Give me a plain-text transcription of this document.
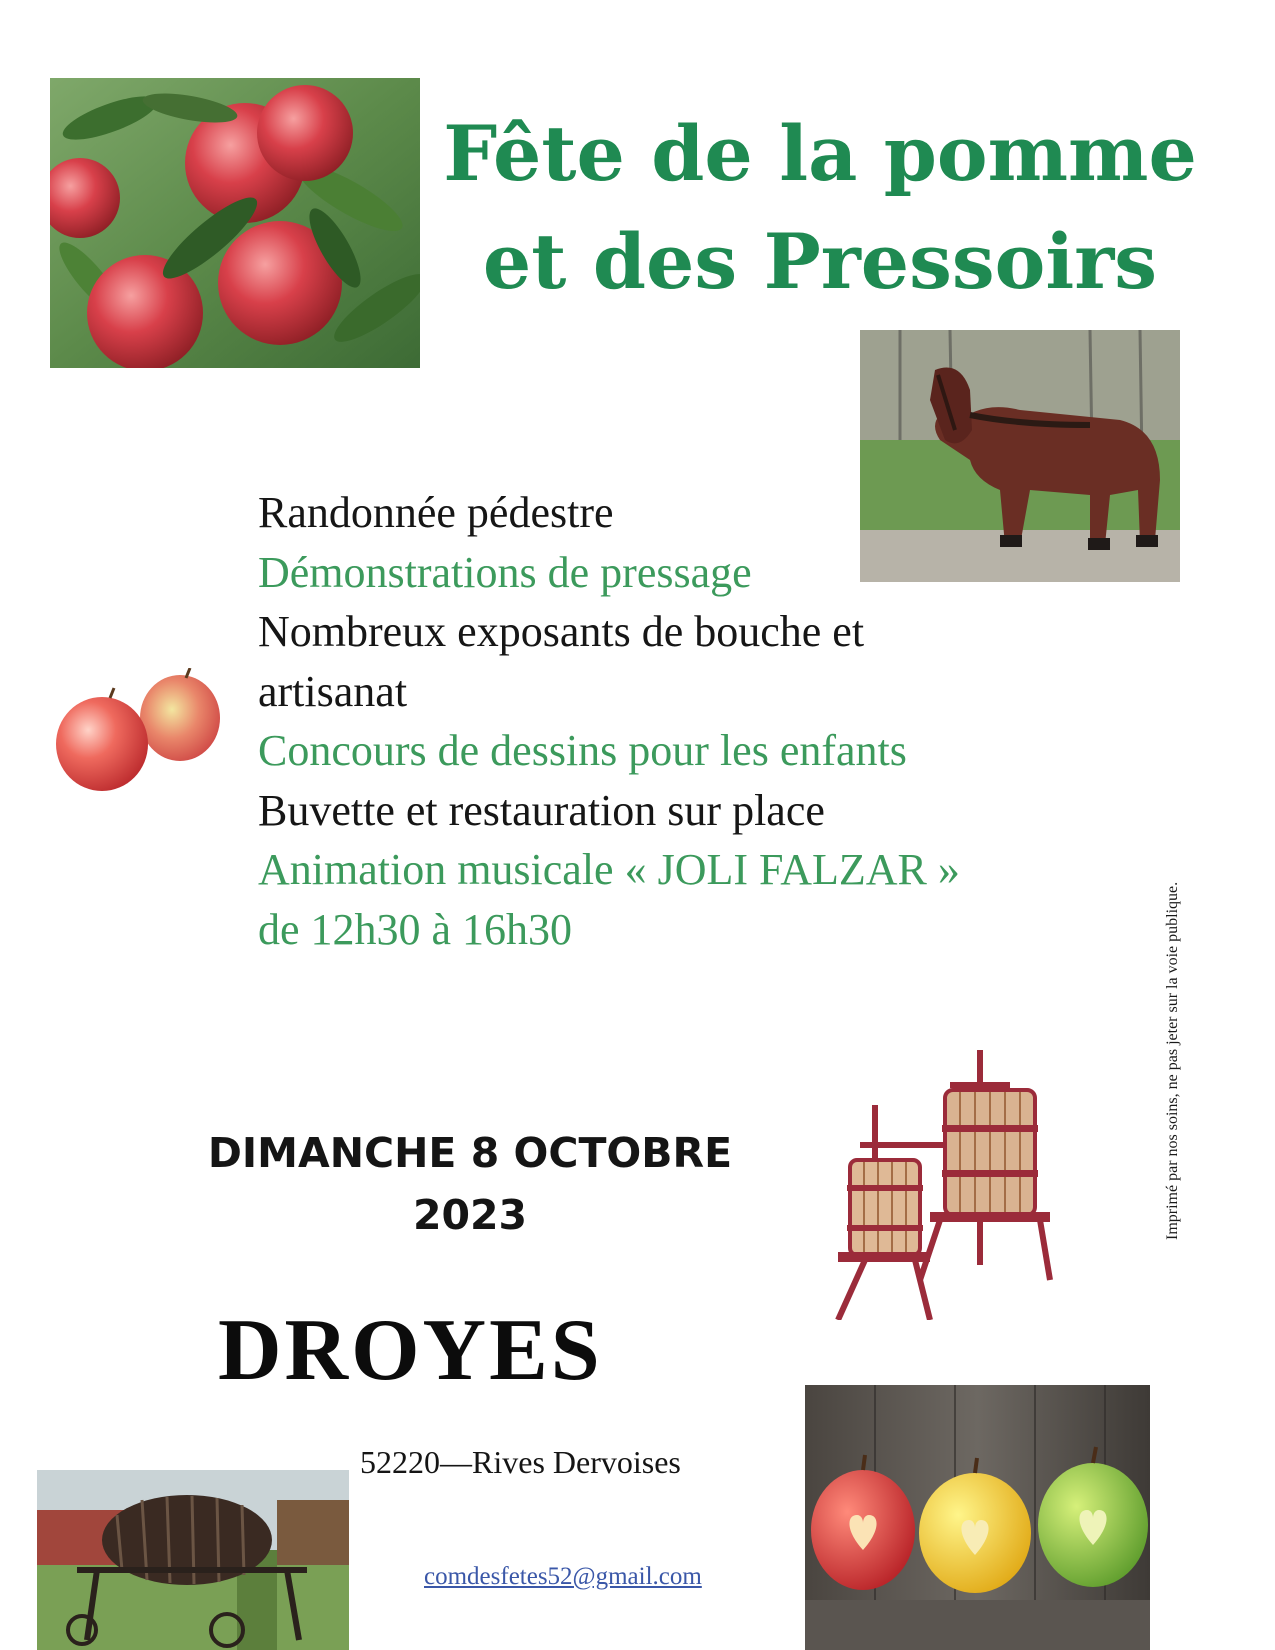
Fête de la pomme
et des Pressoirs
Randonnée pédestre
Démonstrations de pressage
Nombreux exposants de bouche et artisanat
Concours de dessins pour les enfants
Buvette et restauration sur place
Animation musicale « JOLI FALZAR » de 12h30 à 16h30	Imprimé par nos soins, ne pas jeter sur la voie publique.
DIMANCHE 8 OCTOBRE
2023
DROYES
52220—Rives Dervoises
comdesfetes52@gmail.com
